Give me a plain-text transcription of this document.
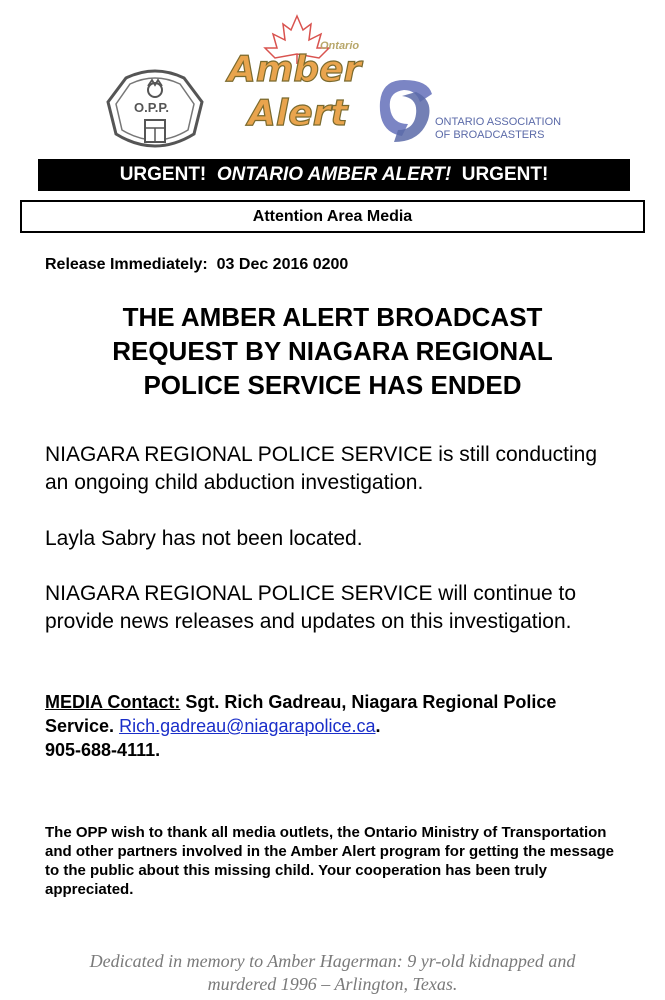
O.P.P.
Ontario
Amber
Alert	ONTARIO ASSOCIATION
OF BROADCASTERS
URGENT!
ONTARIO AMBER ALERT!
URGENT!
Attention Area Media
Release Immediately: 03 Dec 2016 0200
THE AMBER ALERT BROADCAST
REQUEST BY NIAGARA REGIONAL
POLICE SERVICE HAS ENDED
NIAGARA REGIONAL POLICE SERVICE is still conducting an ongoing child abduction investigation.
Layla Sabry has not been located.
NIAGARA REGIONAL POLICE SERVICE will continue to provide news releases and updates on this investigation.
MEDIA Contact: Sgt. Rich Gadreau, Niagara Regional Police Service. Rich.gadreau@niagarapolice.ca.
905-688-4111.
The OPP wish to thank all media outlets, the Ontario Ministry of Transportation and other partners involved in the Amber Alert program for getting the message to the public about this missing child. Your cooperation has been truly appreciated.
Dedicated in memory to Amber Hagerman: 9 yr-old kidnapped and
murdered 1996 – Arlington, Texas.
